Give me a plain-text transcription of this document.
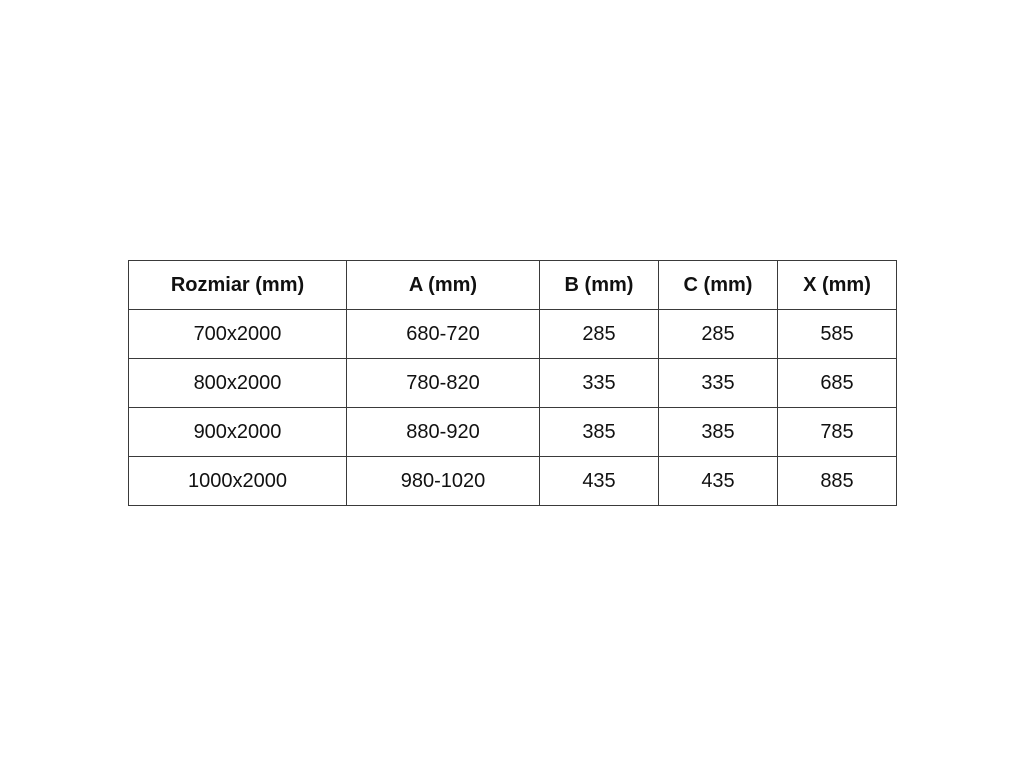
Rozmiar (mm)	A (mm)	B (mm)	C (mm)	X (mm)
700x2000	680-720	285	285	585
800x2000	780-820	335	335	685
900x2000	880-920	385	385	785
1000x2000	980-1020	435	435	885
